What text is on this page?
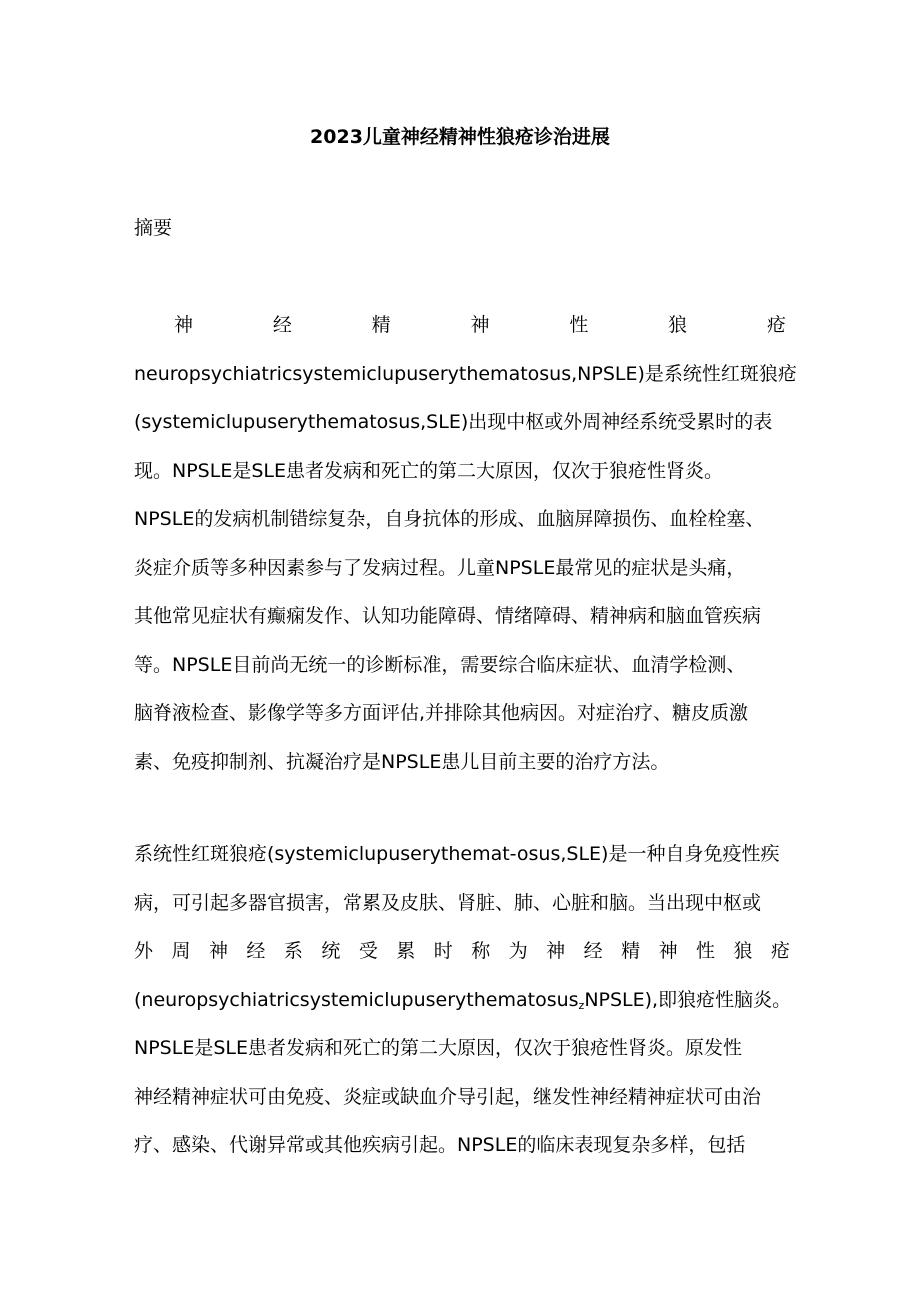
2023儿童神经精神性狼疮诊治进展

摘要

神	经	精	神	性	狼	疮
neuropsychiatricsystemiclupuserythematosus,NPSLE)是系统性红斑狼疮
(systemiclupuserythematosus,SLE)出现中枢或外周神经系统受累时的表
现。NPSLE是SLE患者发病和死亡的第二大原因，仅次于狼疮性肾炎。
NPSLE的发病机制错综复杂，自身抗体的形成、血脑屏障损伤、血栓栓塞、
炎症介质等多种因素参与了发病过程。儿童NPSLE最常见的症状是头痛，
其他常见症状有癫痫发作、认知功能障碍、情绪障碍、精神病和脑血管疾病
等。NPSLE目前尚无统一的诊断标准，需要综合临床症状、血清学检测、
脑脊液检查、影像学等多方面评估,并排除其他病因。对症治疗、糖皮质激
素、免疫抑制剂、抗凝治疗是NPSLE患儿目前主要的治疗方法。
系统性红斑狼疮(systemiclupuserythemat-osus,SLE)是一种自身免疫性疾
病，可引起多器官损害，常累及皮肤、肾脏、肺、心脏和脑。当出现中枢或
外 周 神 经 系 统 受 累 时 称 为 神 经 精 神 性 狼 疮
(neuropsychiatricsystemiclupuserythematosus$_z$NPSLE),即狼疮性脑炎。
NPSLE是SLE患者发病和死亡的第二大原因，仅次于狼疮性肾炎。原发性
神经精神症状可由免疫、炎症或缺血介导引起，继发性神经精神症状可由治
疗、感染、代谢异常或其他疾病引起。NPSLE的临床表现复杂多样，包括
